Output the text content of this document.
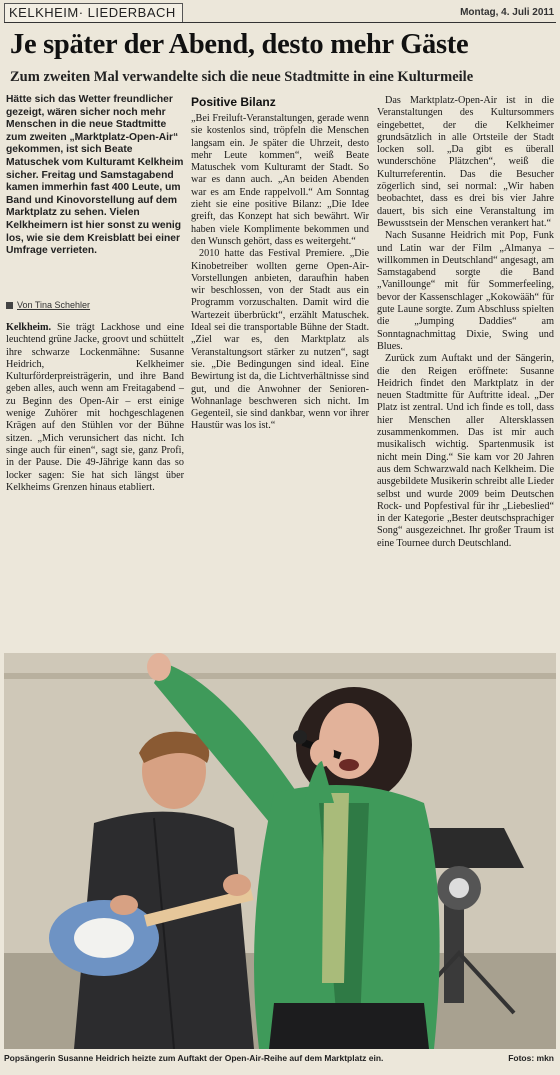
KELKHEIM· LIEDERBACH	Montag, 4. Juli 2011
Je später der Abend, desto mehr Gäste
Zum zweiten Mal verwandelte sich die neue Stadtmitte in eine Kulturmeile
Hätte sich das Wetter freundlicher gezeigt, wären sicher noch mehr Menschen in die neue Stadtmitte zum zweiten „Marktplatz-Open-Air“ gekommen, ist sich Beate Matuschek vom Kulturamt Kelkheim sicher. Freitag und Samstagabend kamen immerhin fast 400 Leute, um Band und Kinovorstellung auf dem Marktplatz zu sehen. Vielen Kelkheimern ist hier sonst zu wenig los, wie sie dem Kreisblatt bei einer Umfrage verrieten.
Von Tina Schehler

Kelkheim. Sie trägt Lackhose und eine leuchtend grüne Jacke, groovt und schüttelt ihre schwarze Lockenmähne: Susanne Heidrich, Kelkheimer Kulturförderpreisträgerin, und ihre Band geben alles, auch wenn am Freitagabend – zu Beginn des Open-Air – erst einige wenige Zuhörer mit hochgeschlagenen Krägen auf den Stühlen vor der Bühne sitzen. „Mich verunsichert das nicht. Ich singe auch für einen“, sagt sie, ganz Profi, in der Pause. Die 49-Jährige kann das so locker sagen: Sie hat sich längst über Kelkheims Grenzen hinaus etabliert.

Positive Bilanz

„Bei Freiluft-Veranstaltungen, gerade wenn sie kostenlos sind, tröpfeln die Menschen langsam ein. Je später die Uhrzeit, desto mehr Leute kommen“, weiß Beate Matuschek vom Kulturamt der Stadt. So war es dann auch. „An beiden Abenden war es am Ende rappelvoll.“ Am Sonntag zieht sie eine positive Bilanz: „Die Idee greift, das Konzept hat sich bewährt. Wir haben viele Komplimente bekommen und den Wunsch gehört, dass es weitergeht.“

2010 hatte das Festival Premiere. „Die Kinobetreiber wollten gerne Open-Air-Vorstellungen anbieten, daraufhin haben wir beschlossen, von der Stadt aus ein Programm vorzuschalten. Damit wird die Wartezeit überbrückt“, erzählt Matuschek. Ideal sei die transportable Bühne der Stadt. „Ziel war es, den Marktplatz als Veranstaltungsort stärker zu nutzen“, sagt sie. „Die Bedingungen sind ideal. Eine Bewirtung ist da, die Lichtverhältnisse sind gut, und die Anwohner der Senioren-Wohnanlage beschweren sich nicht. Im Gegenteil, sie sind dankbar, wenn vor ihrer Haustür was los ist.“

Das Marktplatz-Open-Air ist in die Veranstaltungen des Kultursommers eingebettet, der die Kelkheimer grundsätzlich in alle Ortsteile der Stadt locken soll. „Da gibt es überall wunderschöne Plätzchen“, weiß die Kulturreferentin. Das die Besucher zögerlich sind, sei normal: „Wir haben beobachtet, dass es drei bis vier Jahre dauert, bis sich eine Veranstaltung im Bewusstsein der Menschen verankert hat.“

Nach Susanne Heidrich mit Pop, Funk und Latin war der Film „Almanya – willkommen in Deutschland“ angesagt, am Samstagabend sorgte die Band „Vanillounge“ mit für Sommerfeeling, bevor der Kassenschlager „Kokowääh“ für gute Laune sorgte. Zum Abschluss spielten die „Jumping Daddies“ am Sonntagnachmittag Dixie, Swing und Blues.

Zurück zum Auftakt und der Sängerin, die den Reigen eröffnete: Susanne Heidrich findet den Marktplatz in der neuen Stadtmitte für Auftritte ideal. „Der Platz ist zentral. Und ich finde es toll, dass hier Menschen aller Altersklassen zusammenkommen. Das ist mir auch musikalisch wichtig. Spartenmusik ist nicht mein Ding.“ Sie kam vor 20 Jahren aus dem Schwarzwald nach Kelkheim. Die ausgebildete Musikerin schreibt alle Lieder selbst und wurde 2009 beim Deutschen Rock- und Popfestival für ihr „Liebeslied“ in der Kategorie „Bester deutschsprachiger Song“ ausgezeichnet. Ihr großer Traum ist eine Tournee durch Deutschland.

Popsängerin Susanne Heidrich heizte zum Auftakt der Open-Air-Reihe auf dem Marktplatz ein.	Fotos: mkn
